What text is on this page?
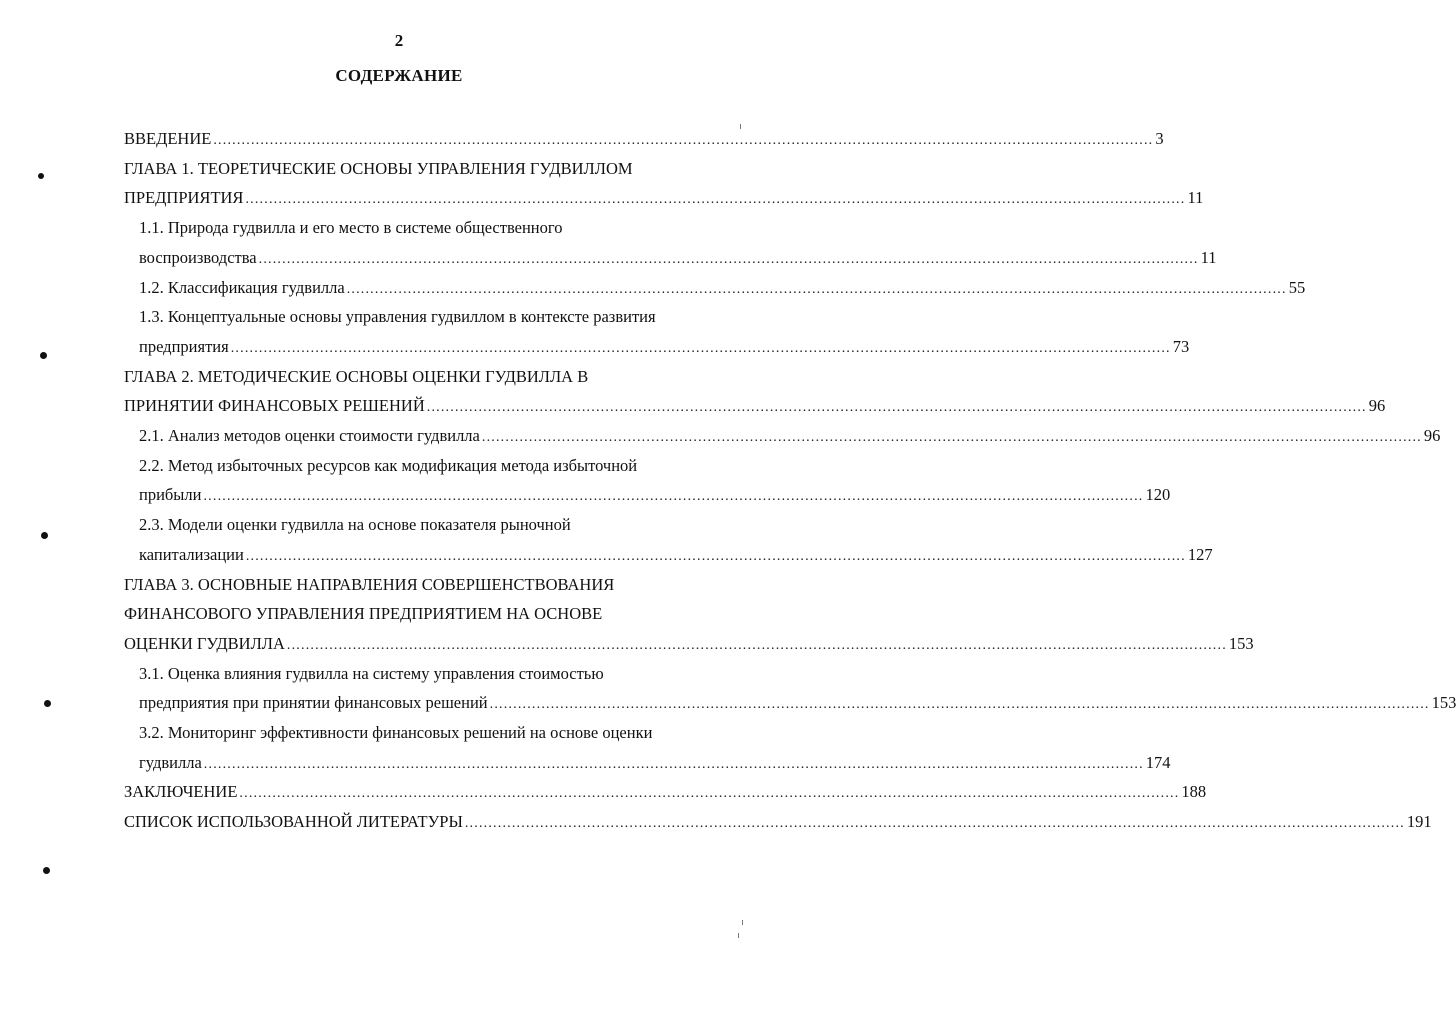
2
СОДЕРЖАНИЕ
ВВЕДЕНИЕ ........................................................................................................................................................................................................ 3
ГЛАВА 1. ТЕОРЕТИЧЕСКИЕ ОСНОВЫ УПРАВЛЕНИЯ ГУДВИЛЛОМ
ПРЕДПРИЯТИЯ ........................................................................................................................................................................................................ 11
1.1. Природа гудвилла и его место в системе общественного
воспроизводства ........................................................................................................................................................................................................ 11
1.2. Классификация гудвилла ........................................................................................................................................................................................................ 55
1.3. Концептуальные основы управления гудвиллом в контексте развития
предприятия ........................................................................................................................................................................................................ 73
ГЛАВА 2. МЕТОДИЧЕСКИЕ ОСНОВЫ ОЦЕНКИ ГУДВИЛЛА В
ПРИНЯТИИ ФИНАНСОВЫХ РЕШЕНИЙ ........................................................................................................................................................................................................ 96
2.1. Анализ методов оценки стоимости гудвилла ........................................................................................................................................................................................................ 96
2.2. Метод избыточных ресурсов как модификация метода избыточной
прибыли ........................................................................................................................................................................................................ 120
2.3. Модели оценки гудвилла на основе показателя рыночной
капитализации ........................................................................................................................................................................................................ 127
ГЛАВА 3. ОСНОВНЫЕ НАПРАВЛЕНИЯ СОВЕРШЕНСТВОВАНИЯ
ФИНАНСОВОГО УПРАВЛЕНИЯ ПРЕДПРИЯТИЕМ НА ОСНОВЕ
ОЦЕНКИ ГУДВИЛЛА ........................................................................................................................................................................................................ 153
3.1. Оценка влияния гудвилла на систему управления стоимостью
предприятия при принятии финансовых решений ........................................................................................................................................................................................................ 153
3.2. Мониторинг эффективности финансовых решений на основе оценки
гудвилла ........................................................................................................................................................................................................ 174
ЗАКЛЮЧЕНИЕ ........................................................................................................................................................................................................ 188
СПИСОК ИСПОЛЬЗОВАННОЙ ЛИТЕРАТУРЫ ........................................................................................................................................................................................................ 191
